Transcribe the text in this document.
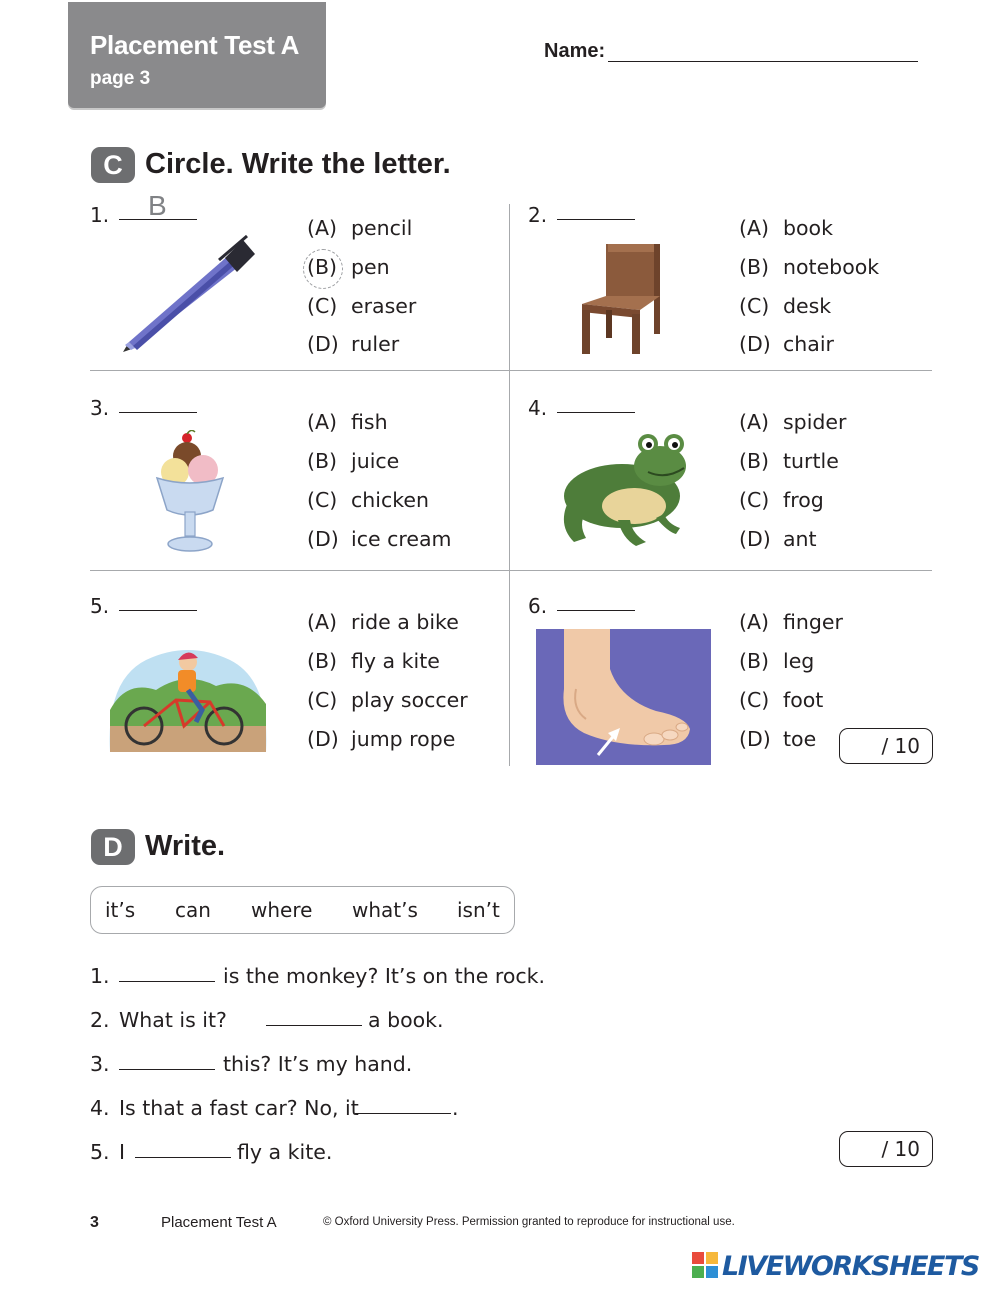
Placement Test A
page 3
Name:
C Circle. Write the letter.
1. B
(A) pencil
(B) pen
(C) eraser
(D) ruler
2.
(A) book
(B) notebook
(C) desk
(D) chair
3.
(A) fish
(B) juice
(C) chicken
(D) ice cream
4.
(A) spider
(B) turtle
(C) frog
(D) ant
5.
(A) ride a bike
(B) fly a kite
(C) play soccer
(D) jump rope
6.
(A) finger
(B) leg
(C) foot
(D) toe	/ 10
D Write.
it’s can where what’s isn’t
1.	is the monkey? It’s on the rock.
2. What is it?	a book.
3.	this? It’s my hand.
4. Is that a fast car? No, it	.
5. I	fly a kite.	/ 10
3	Placement Test A	© Oxford University Press. Permission granted to reproduce for instructional use.
LIVEWORKSHEETS
